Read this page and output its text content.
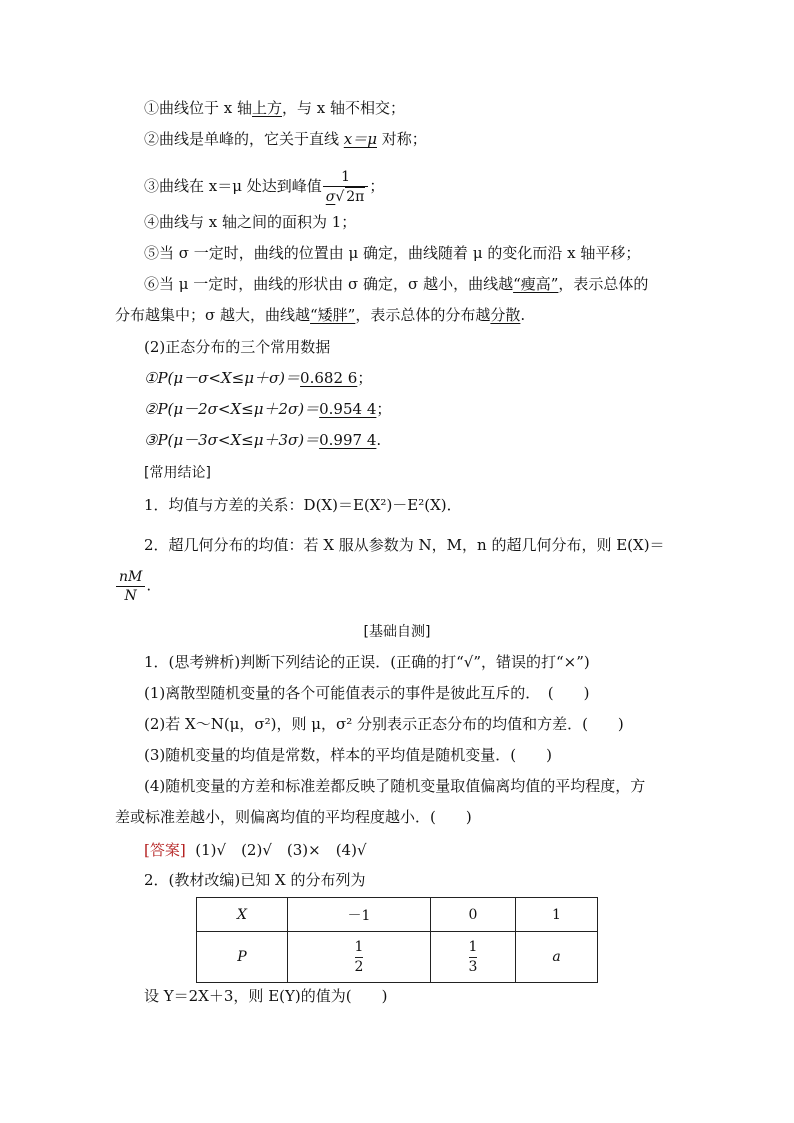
①曲线位于 x 轴上方，与 x 轴不相交；
②曲线是单峰的，它关于直线 x＝μ 对称；
③曲线在 x＝μ 处达到峰值 $\frac{1}{\sigma√ 2\pi}$ ；
④曲线与 x 轴之间的面积为 1；
⑤当 σ 一定时，曲线的位置由 μ 确定，曲线随着 μ 的变化而沿 x 轴平移；
⑥当 μ 一定时，曲线的形状由 σ 确定，σ 越小，曲线越“瘦高”，表示总体的
分布越集中；σ 越大，曲线越“矮胖”，表示总体的分布越分散.
(2)正态分布的三个常用数据
①P(μ－σ<X≤μ＋σ)＝0.682 6；
②P(μ－2σ<X≤μ＋2σ)＝0.954 4；
③P(μ－3σ<X≤μ＋3σ)＝0.997 4.
[常用结论]
1．均值与方差的关系：D(X)＝E(X²)－E²(X)．
2．超几何分布的均值：若 X 服从参数为 N，M，n 的超几何分布，则 E(X)＝
$\frac{nM}{N}$ .
[基础自测]
1．(思考辨析)判断下列结论的正误．(正确的打“√”，错误的打“×”)
(1)离散型随机变量的各个可能值表示的事件是彼此互斥的．　(　　)
(2)若 X～N(μ，σ²)，则 μ，σ² 分别表示正态分布的均值和方差．(　　)
(3)随机变量的均值是常数，样本的平均值是随机变量．(　　)
(4)随机变量的方差和标准差都反映了随机变量取值偏离均值的平均程度，方
差或标准差越小，则偏离均值的平均程度越小．(　　)
[答案] (1)√　(2)√　(3)×　(4)√
2．(教材改编)已知 X 的分布列为
X	－1	0	1
P	$\frac{1}{2}$	$\frac{1}{3}$	a
设 Y＝2X＋3，则 E(Y)的值为(　　)
